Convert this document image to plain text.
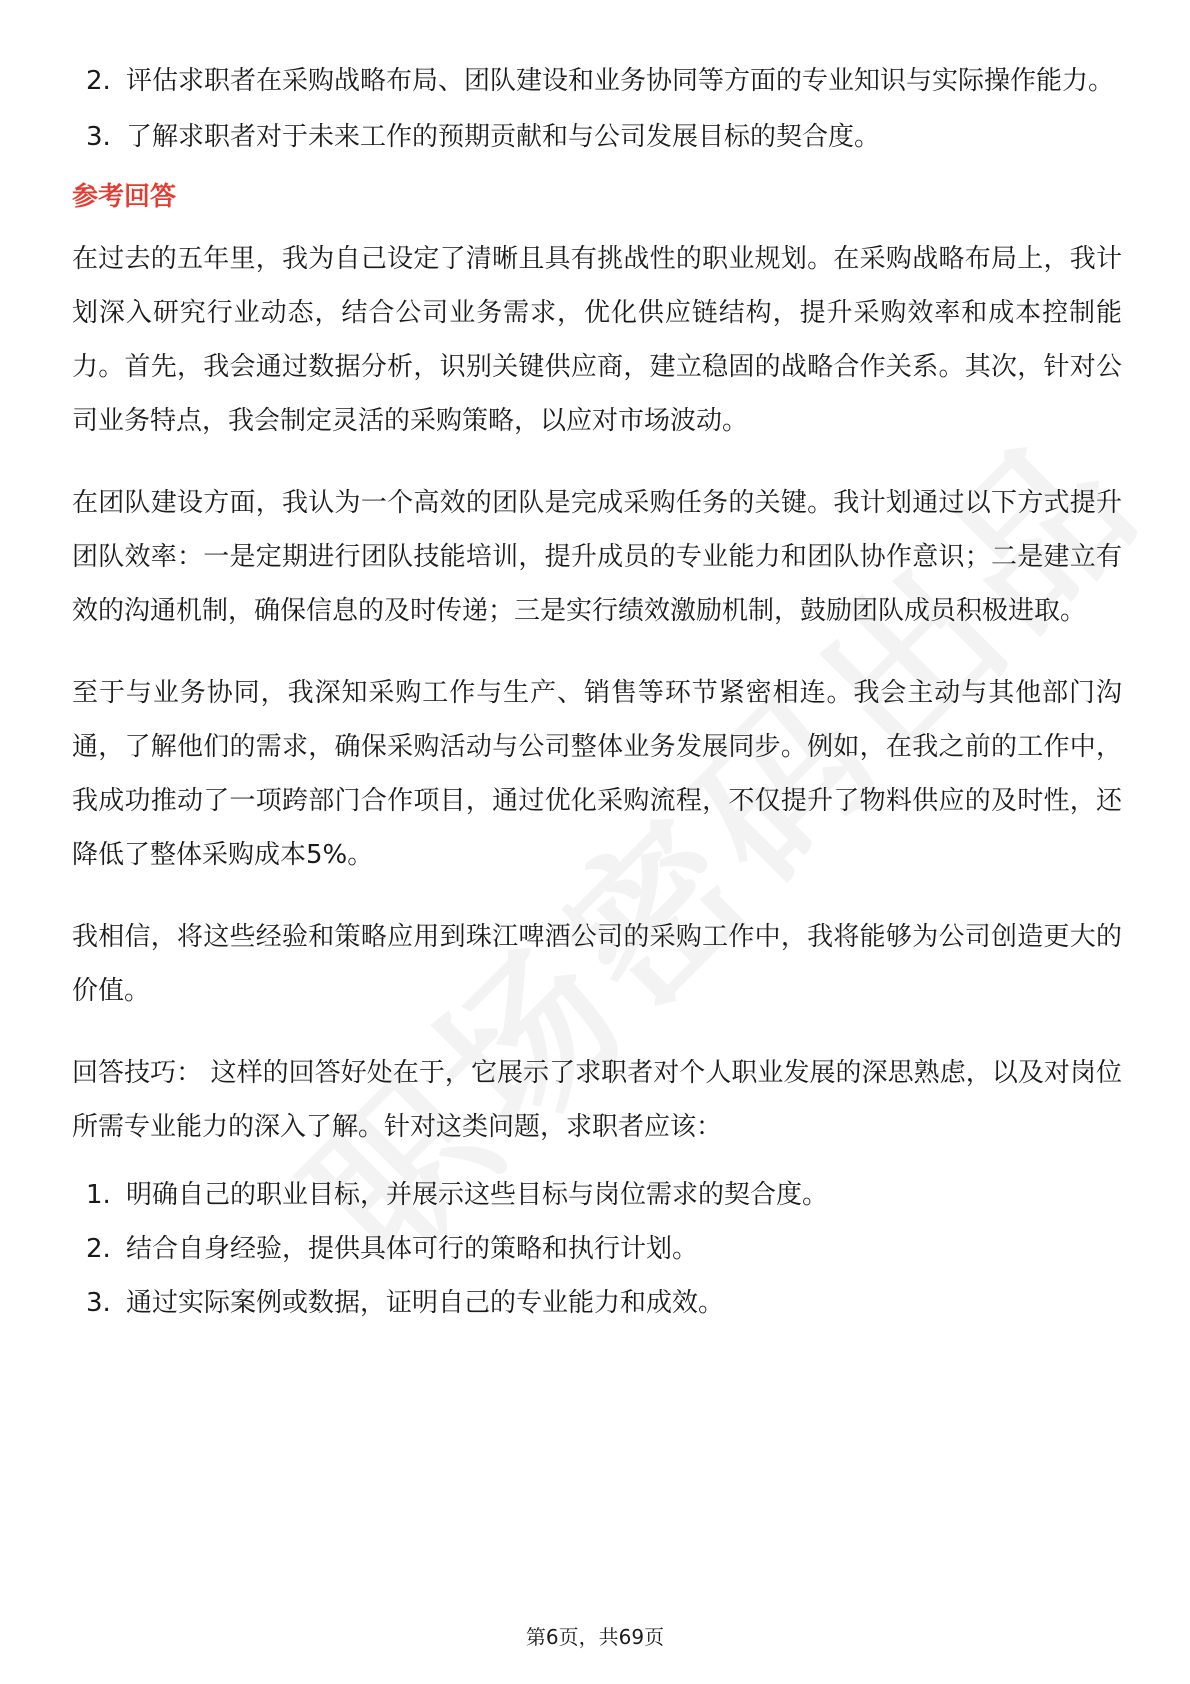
2. 评估求职者在采购战略布局、团队建设和业务协同等方面的专业知识与实际操作能力。
3. 了解求职者对于未来工作的预期贡献和与公司发展目标的契合度。
参考回答

在过去的五年里，我为自己设定了清晰且具有挑战性的职业规划。在采购战略布局上，我计划深入研究行业动态，结合公司业务需求，优化供应链结构，提升采购效率和成本控制能力。首先，我会通过数据分析，识别关键供应商，建立稳固的战略合作关系。其次，针对公司业务特点，我会制定灵活的采购策略，以应对市场波动。

在团队建设方面，我认为一个高效的团队是完成采购任务的关键。我计划通过以下方式提升团队效率：一是定期进行团队技能培训，提升成员的专业能力和团队协作意识；二是建立有效的沟通机制，确保信息的及时传递；三是实行绩效激励机制，鼓励团队成员积极进取。

至于与业务协同，我深知采购工作与生产、销售等环节紧密相连。我会主动与其他部门沟通，了解他们的需求，确保采购活动与公司整体业务发展同步。例如，在我之前的工作中，我成功推动了一项跨部门合作项目，通过优化采购流程，不仅提升了物料供应的及时性，还降低了整体采购成本5%。

我相信，将这些经验和策略应用到珠江啤酒公司的采购工作中，我将能够为公司创造更大的价值。

回答技巧： 这样的回答好处在于，它展示了求职者对个人职业发展的深思熟虑，以及对岗位所需专业能力的深入了解。针对这类问题，求职者应该：

1. 明确自己的职业目标，并展示这些目标与岗位需求的契合度。
2. 结合自身经验，提供具体可行的策略和执行计划。
3. 通过实际案例或数据，证明自己的专业能力和成效。
第6页，共69页
